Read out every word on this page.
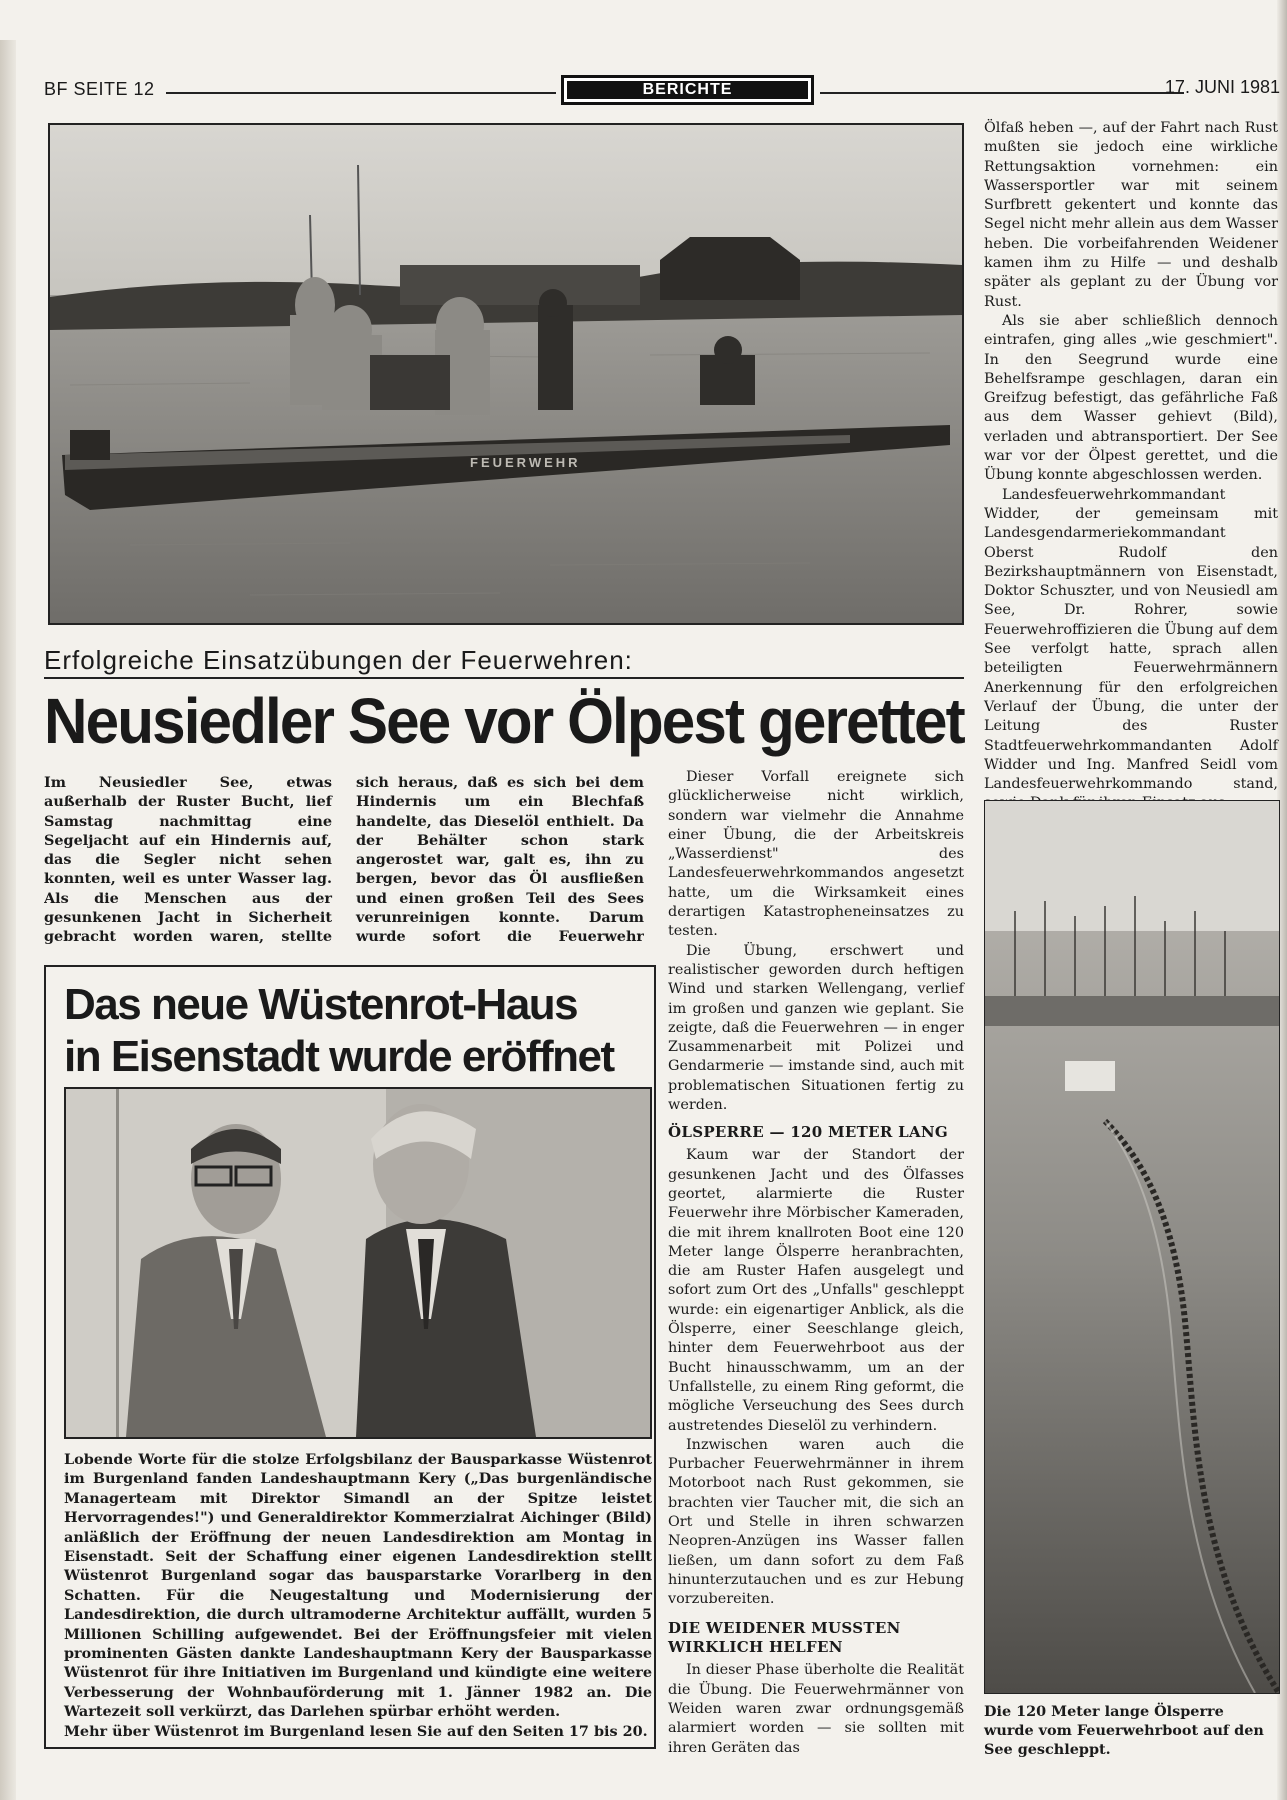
BF SEITE 12	BERICHTE	17. JUNI 1981
FEUERWEHR
Erfolgreiche Einsatzübungen der Feuerwehren:
Neusiedler See vor Ölpest gerettet

Im Neusiedler See, etwas außerhalb der Ruster Bucht, lief Samstag nachmittag eine Segeljacht auf ein Hindernis auf, das die Segler nicht sehen konnten, weil es unter Wasser lag. Als die Menschen aus der gesunkenen Jacht in Sicherheit gebracht worden waren, stellte sich heraus, daß es sich bei dem Hindernis um ein Blechfaß handelte, das Dieselöl enthielt. Da der Behälter schon stark angerostet war, galt es, ihn zu bergen, bevor das Öl ausfließen und einen großen Teil des Sees verunreinigen konnte. Darum wurde sofort die Feuerwehr

Dieser Vorfall ereignete sich glücklicherweise nicht wirklich, sondern war vielmehr die Annahme einer Übung, die der Arbeitskreis „Wasserdienst" des Landesfeuerwehrkommandos angesetzt hatte, um die Wirksamkeit eines derartigen Katastropheneinsatzes zu testen.

Die Übung, erschwert und realistischer geworden durch heftigen Wind und starken Wellengang, verlief im großen und ganzen wie geplant. Sie zeigte, daß die Feuerwehren — in enger Zusammenarbeit mit Polizei und Gendarmerie — imstande sind, auch mit problematischen Situationen fertig zu werden.

ÖLSPERRE — 120 METER LANG

Kaum war der Standort der gesunkenen Jacht und des Ölfasses geortet, alarmierte die Ruster Feuerwehr ihre Mörbischer Kameraden, die mit ihrem knallroten Boot eine 120 Meter lange Ölsperre heranbrachten, die am Ruster Hafen ausgelegt und sofort zum Ort des „Unfalls" geschleppt wurde: ein eigenartiger Anblick, als die Ölsperre, einer Seeschlange gleich, hinter dem Feuerwehrboot aus der Bucht hinausschwamm, um an der Unfallstelle, zu einem Ring geformt, die mögliche Verseuchung des Sees durch austretendes Dieselöl zu verhindern.

Inzwischen waren auch die Purbacher Feuerwehrmänner in ihrem Motorboot nach Rust gekommen, sie brachten vier Taucher mit, die sich an Ort und Stelle in ihren schwarzen Neopren-Anzügen ins Wasser fallen ließen, um dann sofort zu dem Faß hinunterzutauchen und es zur Hebung vorzubereiten.

DIE WEIDENER MUSSTEN
WIRKLICH HELFEN

In dieser Phase überholte die Realität die Übung. Die Feuerwehrmänner von Weiden waren zwar ordnungsgemäß alarmiert worden — sie sollten mit ihren Geräten das

Ölfaß heben —, auf der Fahrt nach Rust mußten sie jedoch eine wirkliche Rettungsaktion vornehmen: ein Wassersportler war mit seinem Surfbrett gekentert und konnte das Segel nicht mehr allein aus dem Wasser heben. Die vorbeifahrenden Weidener kamen ihm zu Hilfe — und deshalb später als geplant zu der Übung vor Rust.

Als sie aber schließlich dennoch eintrafen, ging alles „wie geschmiert". In den Seegrund wurde eine Behelfsrampe geschlagen, daran ein Greifzug befestigt, das gefährliche Faß aus dem Wasser gehievt (Bild), verladen und abtransportiert. Der See war vor der Ölpest gerettet, und die Übung konnte abgeschlossen werden.

Landesfeuerwehrkommandant Widder, der gemeinsam mit Landesgendarmeriekommandant Oberst Rudolf den Bezirkshauptmännern von Eisenstadt, Doktor Schuszter, und von Neusiedl am See, Dr. Rohrer, sowie Feuerwehroffizieren die Übung auf dem See verfolgt hatte, sprach allen beteiligten Feuerwehrmännern Anerkennung für den erfolgreichen Verlauf der Übung, die unter der Leitung des Ruster Stadtfeuerwehrkommandanten Adolf Widder und Ing. Manfred Seidl vom Landesfeuerwehrkommando stand,

Die 120 Meter lange Ölsperre wurde vom Feuerwehrboot auf den See geschleppt.
Das neue Wüstenrot-Haus
in Eisenstadt wurde eröffnet
Lobende Worte für die stolze Erfolgsbilanz der Bausparkasse Wüstenrot im Burgenland fanden Landeshauptmann Kery („Das burgenländische Managerteam mit Direktor Simandl an der Spitze leistet Hervorragendes!") und Generaldirektor Kommerzialrat Aichinger (Bild) anläßlich der Eröffnung der neuen Landesdirektion am Montag in Eisenstadt. Seit der Schaffung einer eigenen Landesdirektion stellt Wüstenrot Burgenland sogar das bausparstarke Vorarlberg in den Schatten. Für die Neugestaltung und Modernisierung der Landesdirektion, die durch ultramoderne Architektur auffällt, wurden 5 Millionen Schilling aufgewendet. Bei der Eröffnungsfeier mit vielen prominenten Gästen dankte Landeshauptmann Kery der Bausparkasse Wüstenrot für ihre Initiativen im Burgenland und kündigte eine weitere Verbesserung der Wohnbauförderung mit 1. Jänner 1982 an. Die Wartezeit soll verkürzt, das Darlehen spürbar erhöht werden.
Mehr über Wüstenrot im Burgenland lesen Sie auf den Seiten 17 bis 20.
